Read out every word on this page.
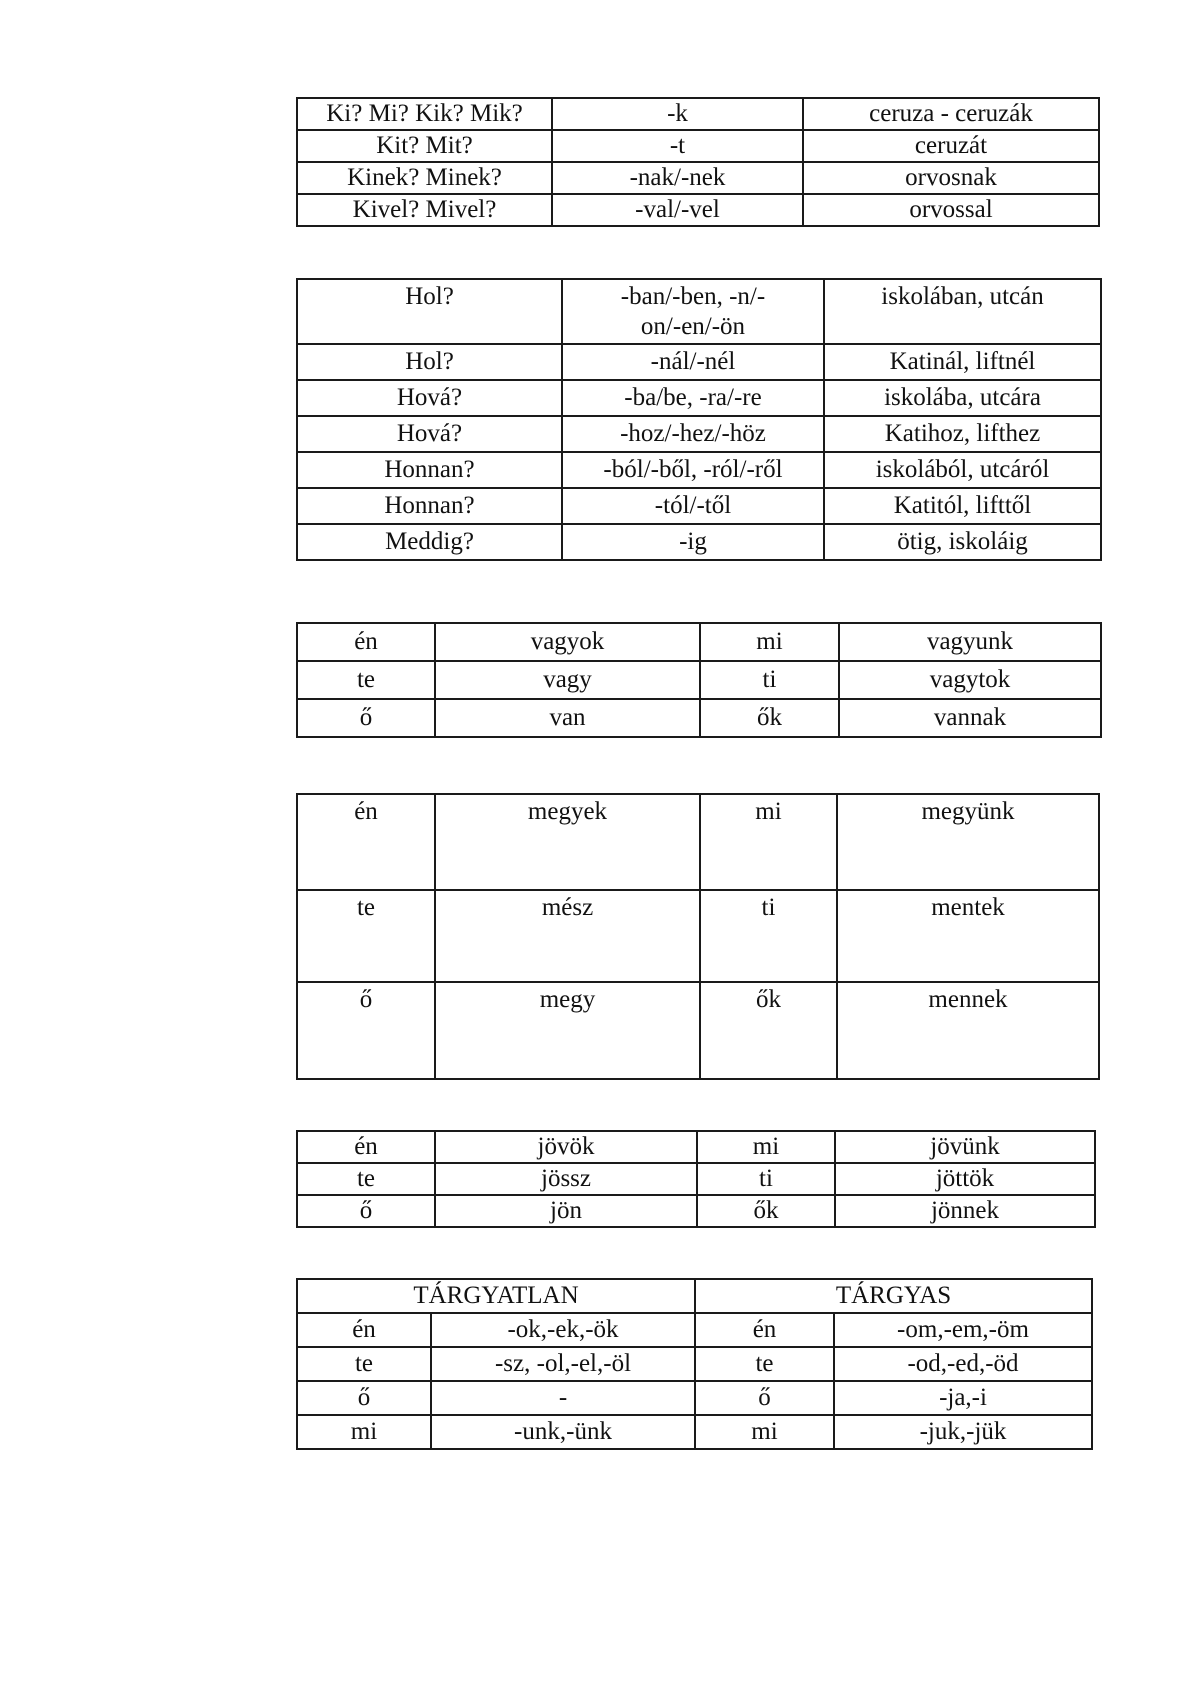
Ki? Mi? Kik? Mik?	-k	ceruza - ceruzák
Kit? Mit?	-t	ceruzát
Kinek? Minek?	-nak/-nek	orvosnak
Kivel? Mivel?	-val/-vel	orvossal
Hol?	-ban/-ben, -n/-on/-en/-ön	iskolában, utcán
Hol?	-nál/-nél	Katinál, liftnél
Hová?	-ba/be, -ra/-re	iskolába, utcára
Hová?	-hoz/-hez/-höz	Katihoz, lifthez
Honnan?	-ból/-ből, -ról/-ről	iskolából, utcáról
Honnan?	-tól/-től	Katitól, lifttől
Meddig?	-ig	ötig, iskoláig
én	vagyok	mi	vagyunk
te	vagy	ti	vagytok
ő	van	ők	vannak
én	megyek	mi	megyünk
te	mész	ti	mentek
ő	megy	ők	mennek
én	jövök	mi	jövünk
te	jössz	ti	jöttök
ő	jön	ők	jönnek
TÁRGYATLAN		TÁRGYAS	
én	-ok,-ek,-ök	én	-om,-em,-öm
te	-sz, -ol,-el,-öl	te	-od,-ed,-öd
ő	-	ő	-ja,-i
mi	-unk,-ünk	mi	-juk,-jük
